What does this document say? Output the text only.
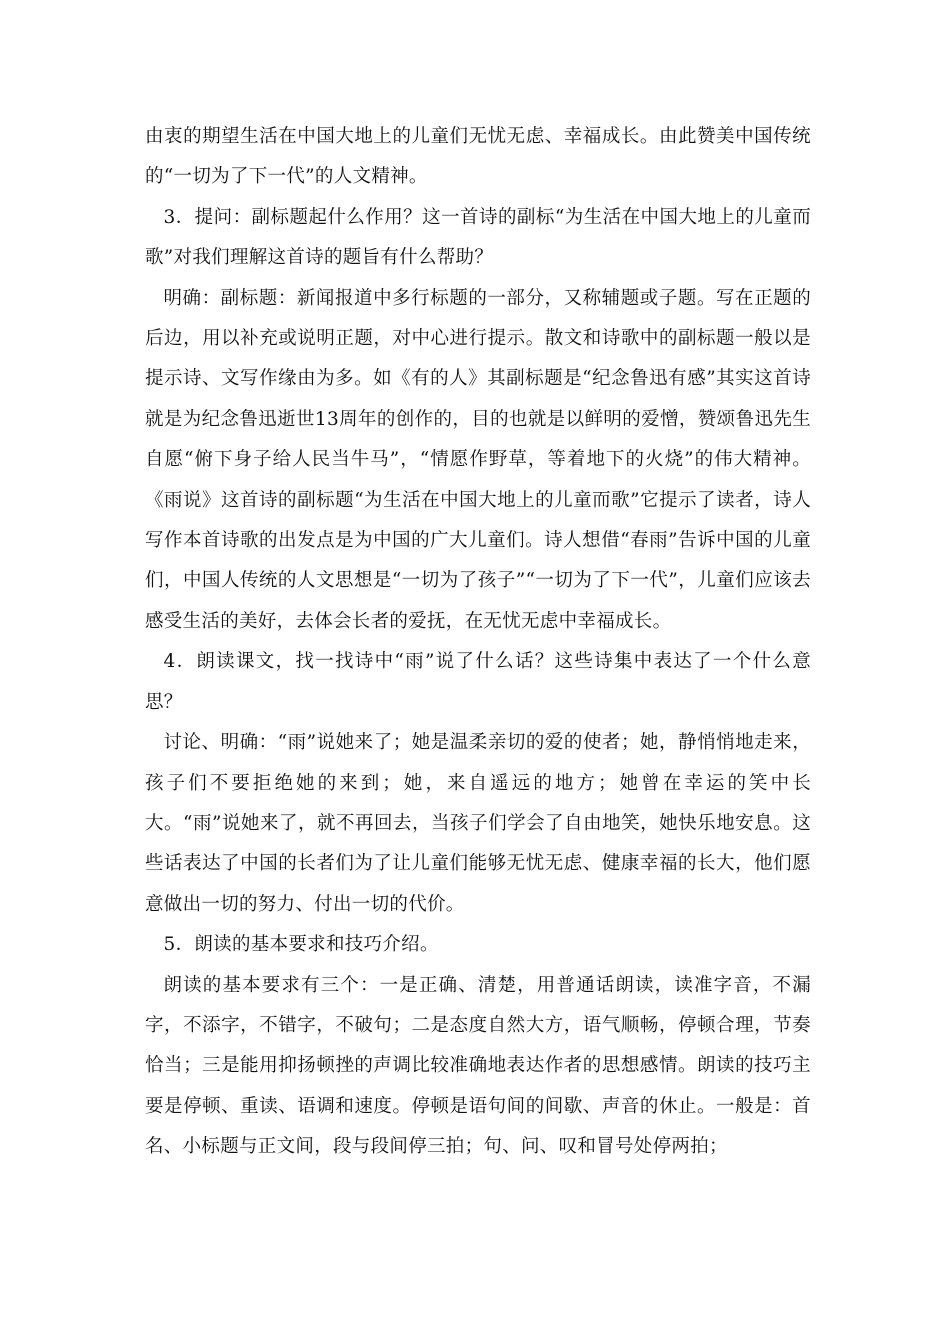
由衷的期望生活在中国大地上的儿童们无忧无虑、幸福成长。由此赞美中国传统的“一切为了下一代”的人文精神。

3．提问：副标题起什么作用？这一首诗的副标“为生活在中国大地上的儿童而歌”对我们理解这首诗的题旨有什么帮助？

明确：副标题：新闻报道中多行标题的一部分，又称辅题或子题。写在正题的后边，用以补充或说明正题，对中心进行提示。散文和诗歌中的副标题一般以是提示诗、文写作缘由为多。如《有的人》其副标题是“纪念鲁迅有感”其实这首诗就是为纪念鲁迅逝世13周年的创作的，目的也就是以鲜明的爱憎，赞颂鲁迅先生自愿“俯下身子给人民当牛马”，“情愿作野草，等着地下的火烧”的伟大精神。《雨说》这首诗的副标题“为生活在中国大地上的儿童而歌”它提示了读者，诗人写作本首诗歌的出发点是为中国的广大儿童们。诗人想借“春雨”告诉中国的儿童们，中国人传统的人文思想是“一切为了孩子”“一切为了下一代”，儿童们应该去感受生活的美好，去体会长者的爱抚，在无忧无虑中幸福成长。

4．朗读课文，找一找诗中“雨”说了什么话？这些诗集中表达了一个什么意思？

讨论、明确：“雨”说她来了；她是温柔亲切的爱的使者；她，静悄悄地走来，孩子们不要拒绝她的来到；她，来自遥远的地方；她曾在幸运的笑中长大。“雨”说她来了，就不再回去，当孩子们学会了自由地笑，她快乐地安息。这些话表达了中国的长者们为了让儿童们能够无忧无虑、健康幸福的长大，他们愿意做出一切的努力、付出一切的代价。

5．朗读的基本要求和技巧介绍。

朗读的基本要求有三个：一是正确、清楚，用普通话朗读，读准字音，不漏字，不添字，不错字，不破句；二是态度自然大方，语气顺畅，停顿合理，节奏恰当；三是能用抑扬顿挫的声调比较准确地表达作者的思想感情。朗读的技巧主要是停顿、重读、语调和速度。停顿是语句间的间歇、声音的休止。一般是：首名、小标题与正文间，段与段间停三拍；句、问、叹和冒号处停两拍；
